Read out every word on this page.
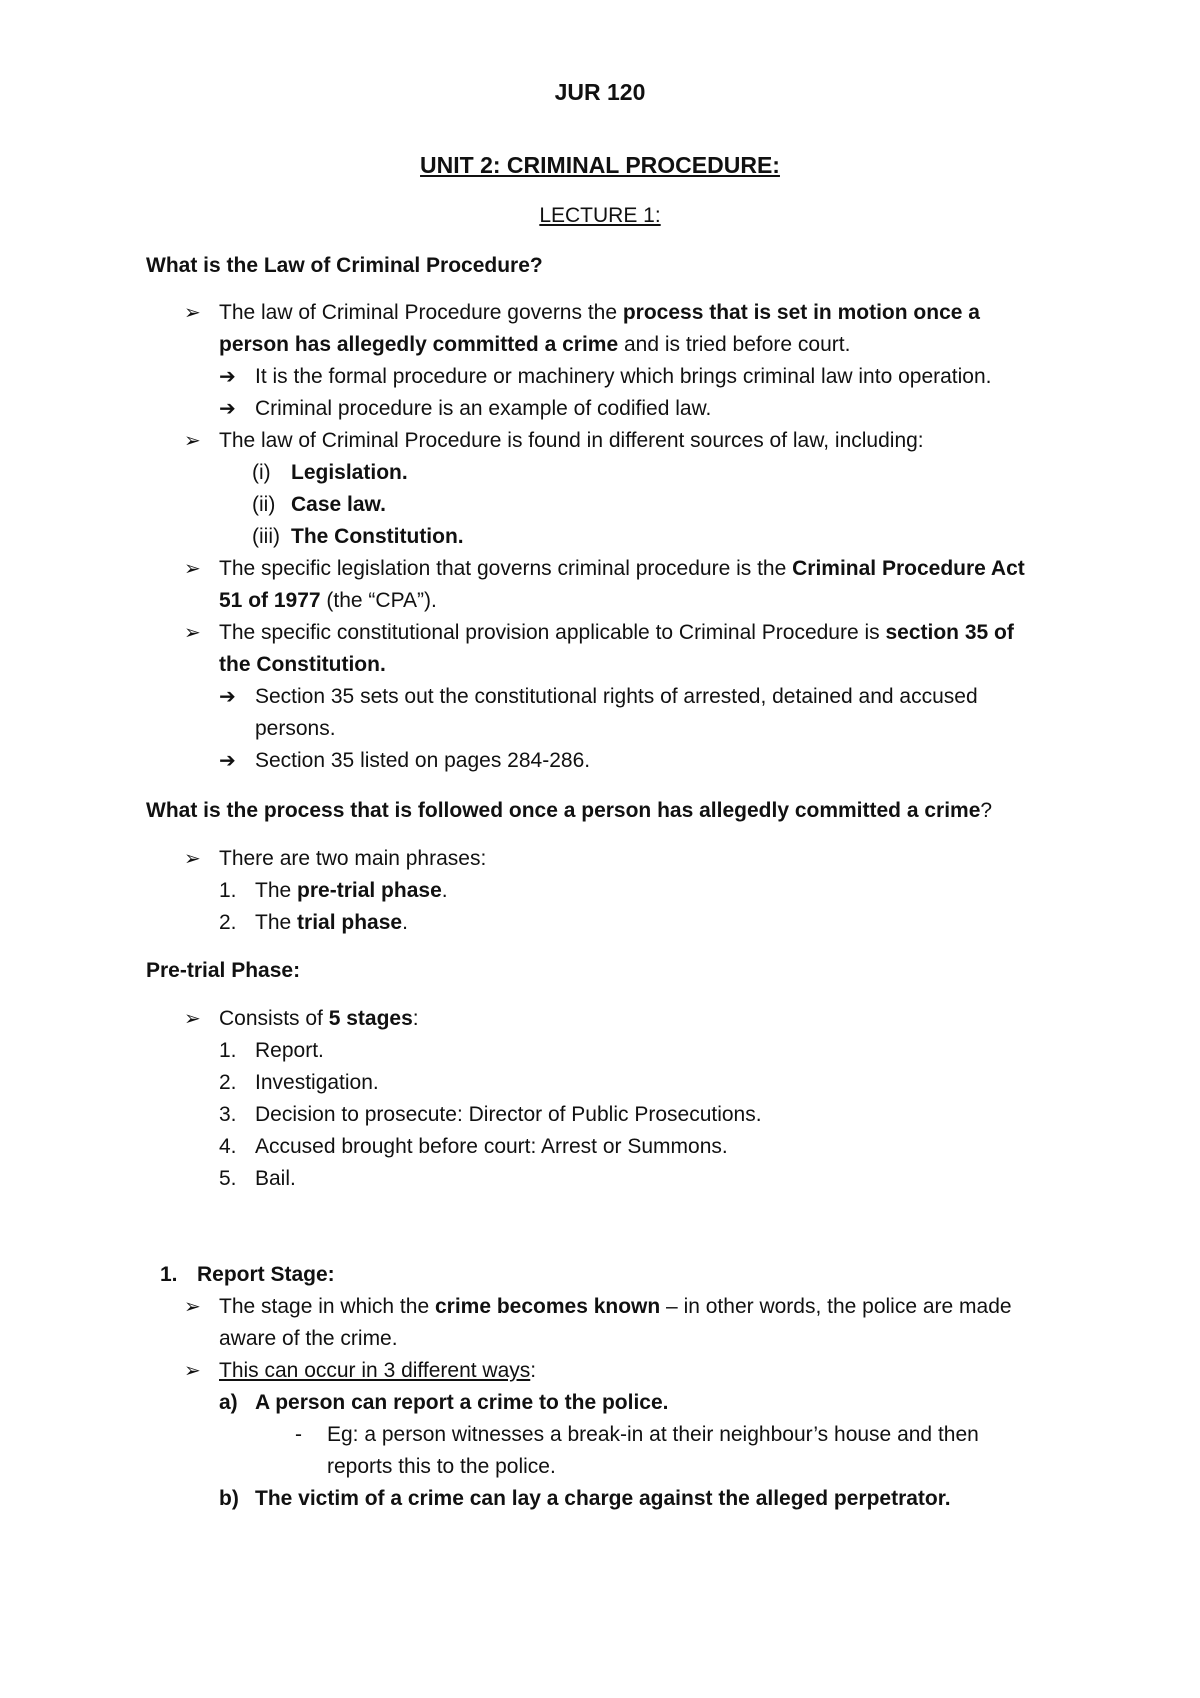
JUR 120
UNIT 2: CRIMINAL PROCEDURE:
LECTURE 1:
What is the Law of Criminal Procedure?
➢ The law of Criminal Procedure governs the process that is set in motion once a
person has allegedly committed a crime and is tried before court.
➔ It is the formal procedure or machinery which brings criminal law into operation.
➔ Criminal procedure is an example of codified law.
➢ The law of Criminal Procedure is found in different sources of law, including:
(i) Legislation.
(ii) Case law.
(iii) The Constitution.
➢ The specific legislation that governs criminal procedure is the Criminal Procedure Act
51 of 1977 (the “CPA”).
➢ The specific constitutional provision applicable to Criminal Procedure is section 35 of
the Constitution.
➔ Section 35 sets out the constitutional rights of arrested, detained and accused
persons.
➔ Section 35 listed on pages 284-286.
What is the process that is followed once a person has allegedly committed a crime?
➢ There are two main phrases:
1. The pre-trial phase.
2. The trial phase.
Pre-trial Phase:
➢ Consists of 5 stages:
1. Report.
2. Investigation.
3. Decision to prosecute: Director of Public Prosecutions.
4. Accused brought before court: Arrest or Summons.
5. Bail.
1. Report Stage:
➢ The stage in which the crime becomes known – in other words, the police are made
aware of the crime.
➢ This can occur in 3 different ways:
a) A person can report a crime to the police.
- Eg: a person witnesses a break-in at their neighbour’s house and then
reports this to the police.
b) The victim of a crime can lay a charge against the alleged perpetrator.
